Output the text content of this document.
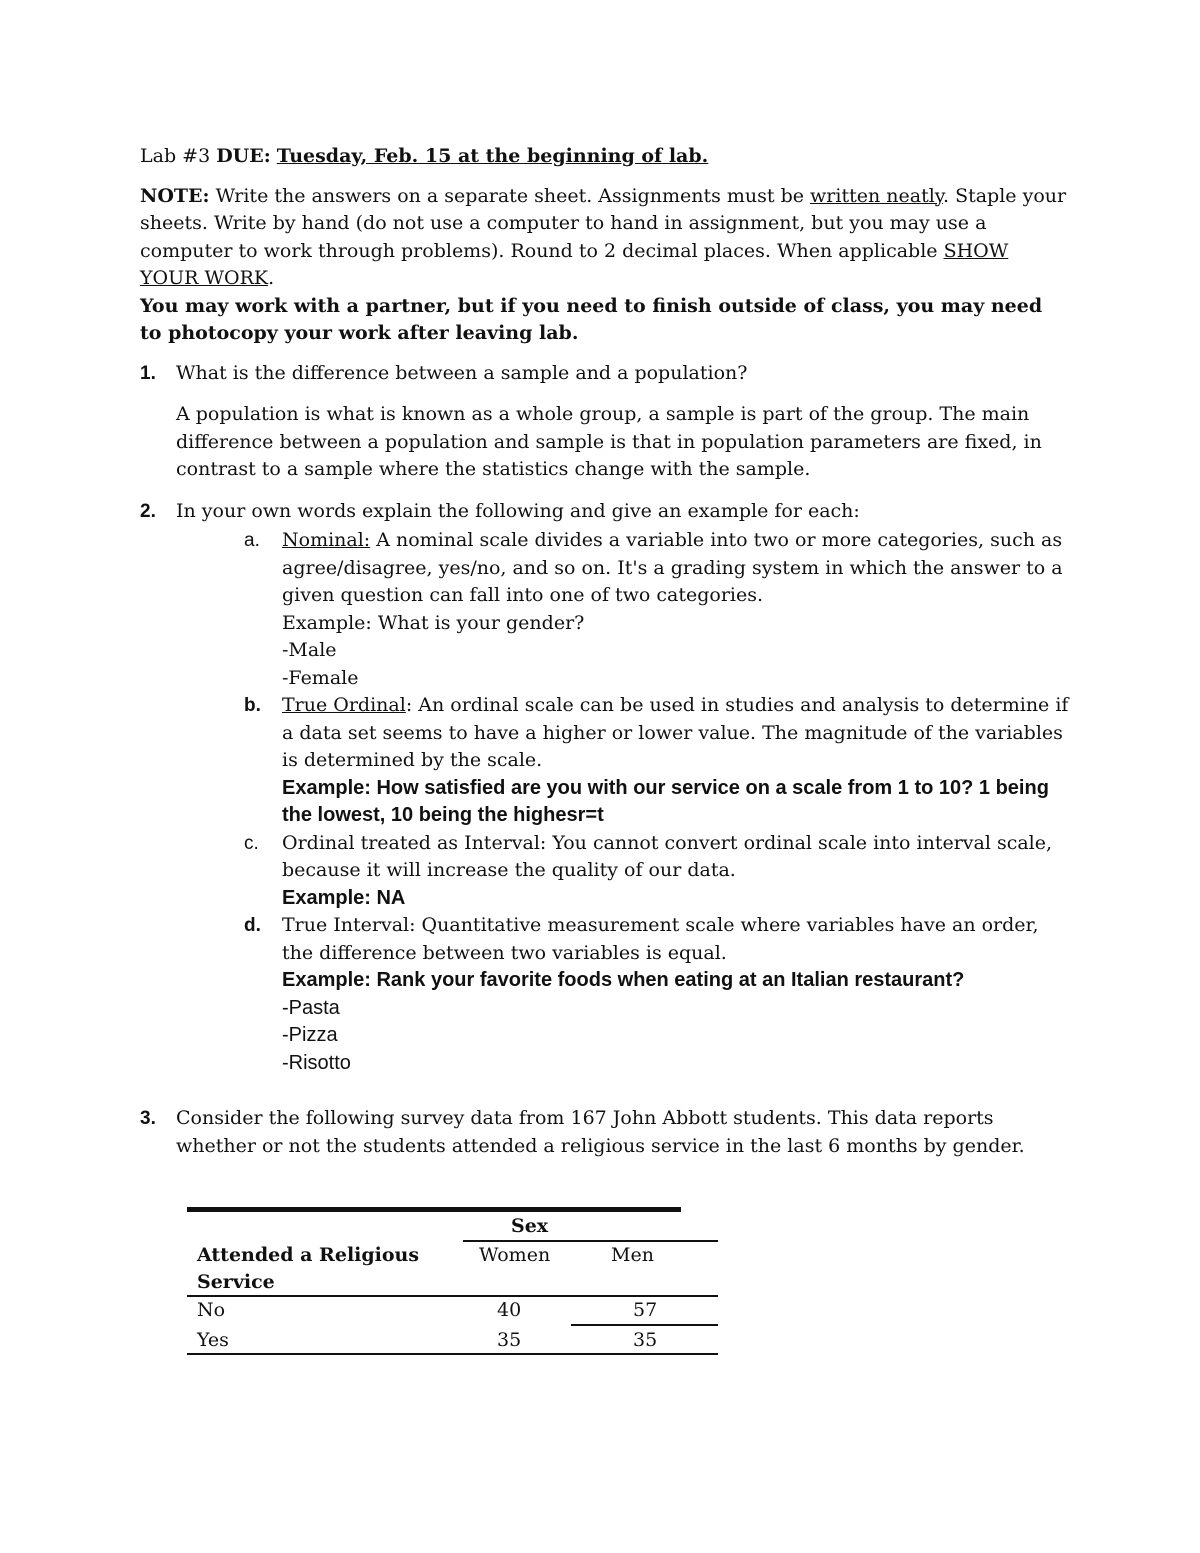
Lab #3 DUE: Tuesday, Feb. 15 at the beginning of lab.

NOTE: Write the answers on a separate sheet. Assignments must be written neatly. Staple your sheets. Write by hand (do not use a computer to hand in assignment, but you may use a computer to work through problems). Round to 2 decimal places. When applicable SHOW YOUR WORK.
You may work with a partner, but if you need to finish outside of class, you may need to photocopy your work after leaving lab.

1.	What is the difference between a sample and a population?
A population is what is known as a whole group, a sample is part of the group. The main difference between a population and sample is that in population parameters are fixed, in contrast to a sample where the statistics change with the sample.
2.	In your own words explain the following and give an example for each:
a.	Nominal: A nominal scale divides a variable into two or more categories, such as agree/disagree, yes/no, and so on. It's a grading system in which the answer to a given question can fall into one of two categories.
Example: What is your gender?
-Male
-Female
b.	True Ordinal: An ordinal scale can be used in studies and analysis to determine if a data set seems to have a higher or lower value. The magnitude of the variables is determined by the scale.
Example: How satisfied are you with our service on a scale from 1 to 10? 1 being the lowest, 10 being the highesr=t
c.	Ordinal treated as Interval: You cannot convert ordinal scale into interval scale, because it will increase the quality of our data.
Example: NA
d.	True Interval: Quantitative measurement scale where variables have an order, the difference between two variables is equal.
Example: Rank your favorite foods when eating at an Italian restaurant?
-Pasta
-Pizza
-Risotto
3.	Consider the following survey data from 167 John Abbott students. This data reports whether or not the students attended a religious service in the last 6 months by gender.
Sex
Attended a Religious
Service
Women	Men
No	40	57
Yes	35	35
